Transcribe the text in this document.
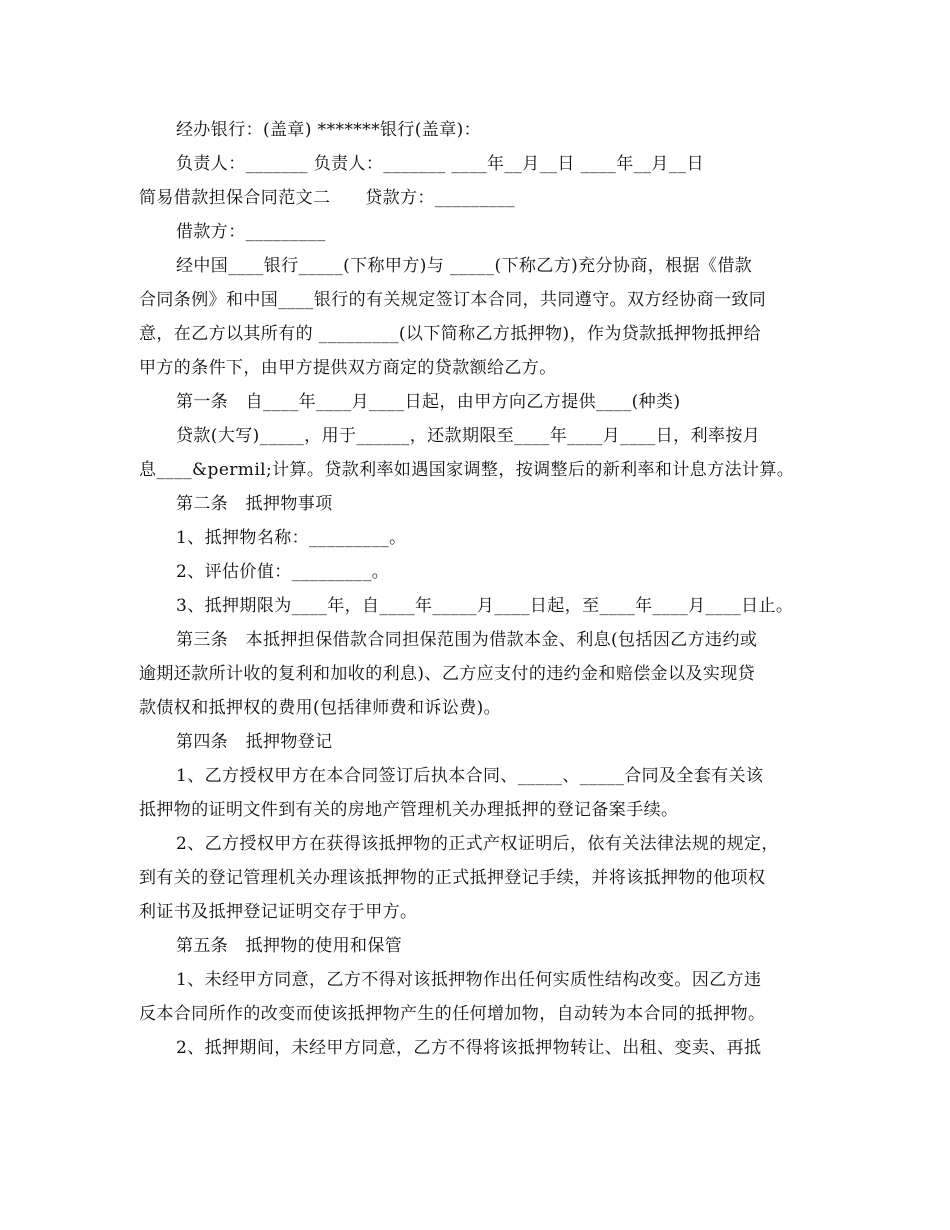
经办银行：(盖章) *******银行(盖章)：
负责人：_______ 负责人：_______ ____年__月__日 ____年__月__日
简易借款担保合同范文二      贷款方：_________
借款方：_________
经中国____银行_____(下称甲方)与 _____(下称乙方)充分协商，根据《借款
合同条例》和中国____银行的有关规定签订本合同，共同遵守。双方经协商一致同
意，在乙方以其所有的 _________(以下简称乙方抵押物)，作为贷款抵押物抵押给
甲方的条件下，由甲方提供双方商定的贷款额给乙方。
第一条   自____年____月____日起，由甲方向乙方提供____(种类)
贷款(大写)_____，用于______，还款期限至____年____月____日，利率按月
息____&permil;计算。贷款利率如遇国家调整，按调整后的新利率和计息方法计算。
第二条   抵押物事项
1、抵押物名称：_________。
2、评估价值：_________。
3、抵押期限为____年，自____年_____月____日起，至____年____月____日止。
第三条   本抵押担保借款合同担保范围为借款本金、利息(包括因乙方违约或
逾期还款所计收的复利和加收的利息)、乙方应支付的违约金和赔偿金以及实现贷
款债权和抵押权的费用(包括律师费和诉讼费)。
第四条   抵押物登记
1、乙方授权甲方在本合同签订后执本合同、_____、_____合同及全套有关该
抵押物的证明文件到有关的房地产管理机关办理抵押的登记备案手续。
2、乙方授权甲方在获得该抵押物的正式产权证明后，依有关法律法规的规定，
到有关的登记管理机关办理该抵押物的正式抵押登记手续，并将该抵押物的他项权
利证书及抵押登记证明交存于甲方。
第五条   抵押物的使用和保管
1、未经甲方同意，乙方不得对该抵押物作出任何实质性结构改变。因乙方违
反本合同所作的改变而使该抵押物产生的任何增加物，自动转为本合同的抵押物。
2、抵押期间，未经甲方同意，乙方不得将该抵押物转让、出租、变卖、再抵
